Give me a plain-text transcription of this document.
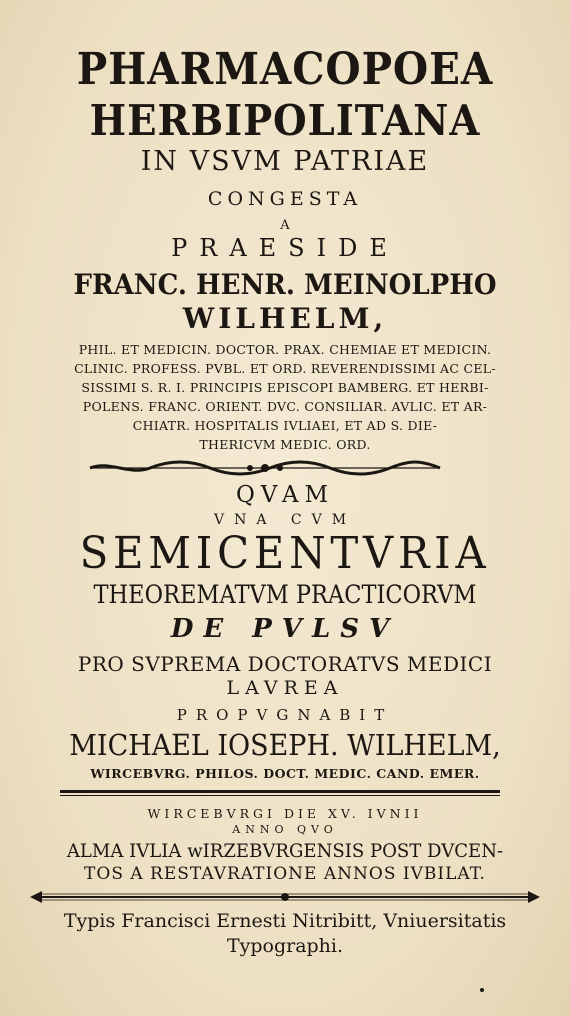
PHARMACOPOEA
HERBIPOLITANA
IN VSVM PATRIAE
CONGESTA
A
PRAESIDE
FRANC. HENR. MEINOLPHO
WILHELM,
PHIL. ET MEDICIN. DOCTOR. PRAX. CHEMIAE ET MEDICIN.
CLINIC. PROFESS. PVBL. ET ORD. REVERENDISSIMI AC CEL-
SISSIMI S. R. I. PRINCIPIS EPISCOPI BAMBERG. ET HERBI-
POLENS. FRANC. ORIENT. DVC. CONSILIAR. AVLIC. ET AR-
CHIATR. HOSPITALIS IVLIAEI, ET AD S. DIE-
THERICVM MEDIC. ORD.
QVAM
VNA CVM
SEMICENTVRIA
THEOREMATVM PRACTICORVM
DE PVLSV
PRO SVPREMA DOCTORATVS MEDICI
LAVREA
PROPVGNABIT
MICHAEL IOSEPH. WILHELM,
WIRCEBVRG. PHILOS. DOCT. MEDIC. CAND. EMER.
WIRCEBVRGI DIE XV. IVNII
ANNO QVO
ALMA IVLIA wIRZEBVRGENSIS POST DVCEN-
TOS A RESTAVRATIONE ANNOS IVBILAT.
Typis Francisci Ernesti Nitribitt, Vniuersitatis
Typographi.
